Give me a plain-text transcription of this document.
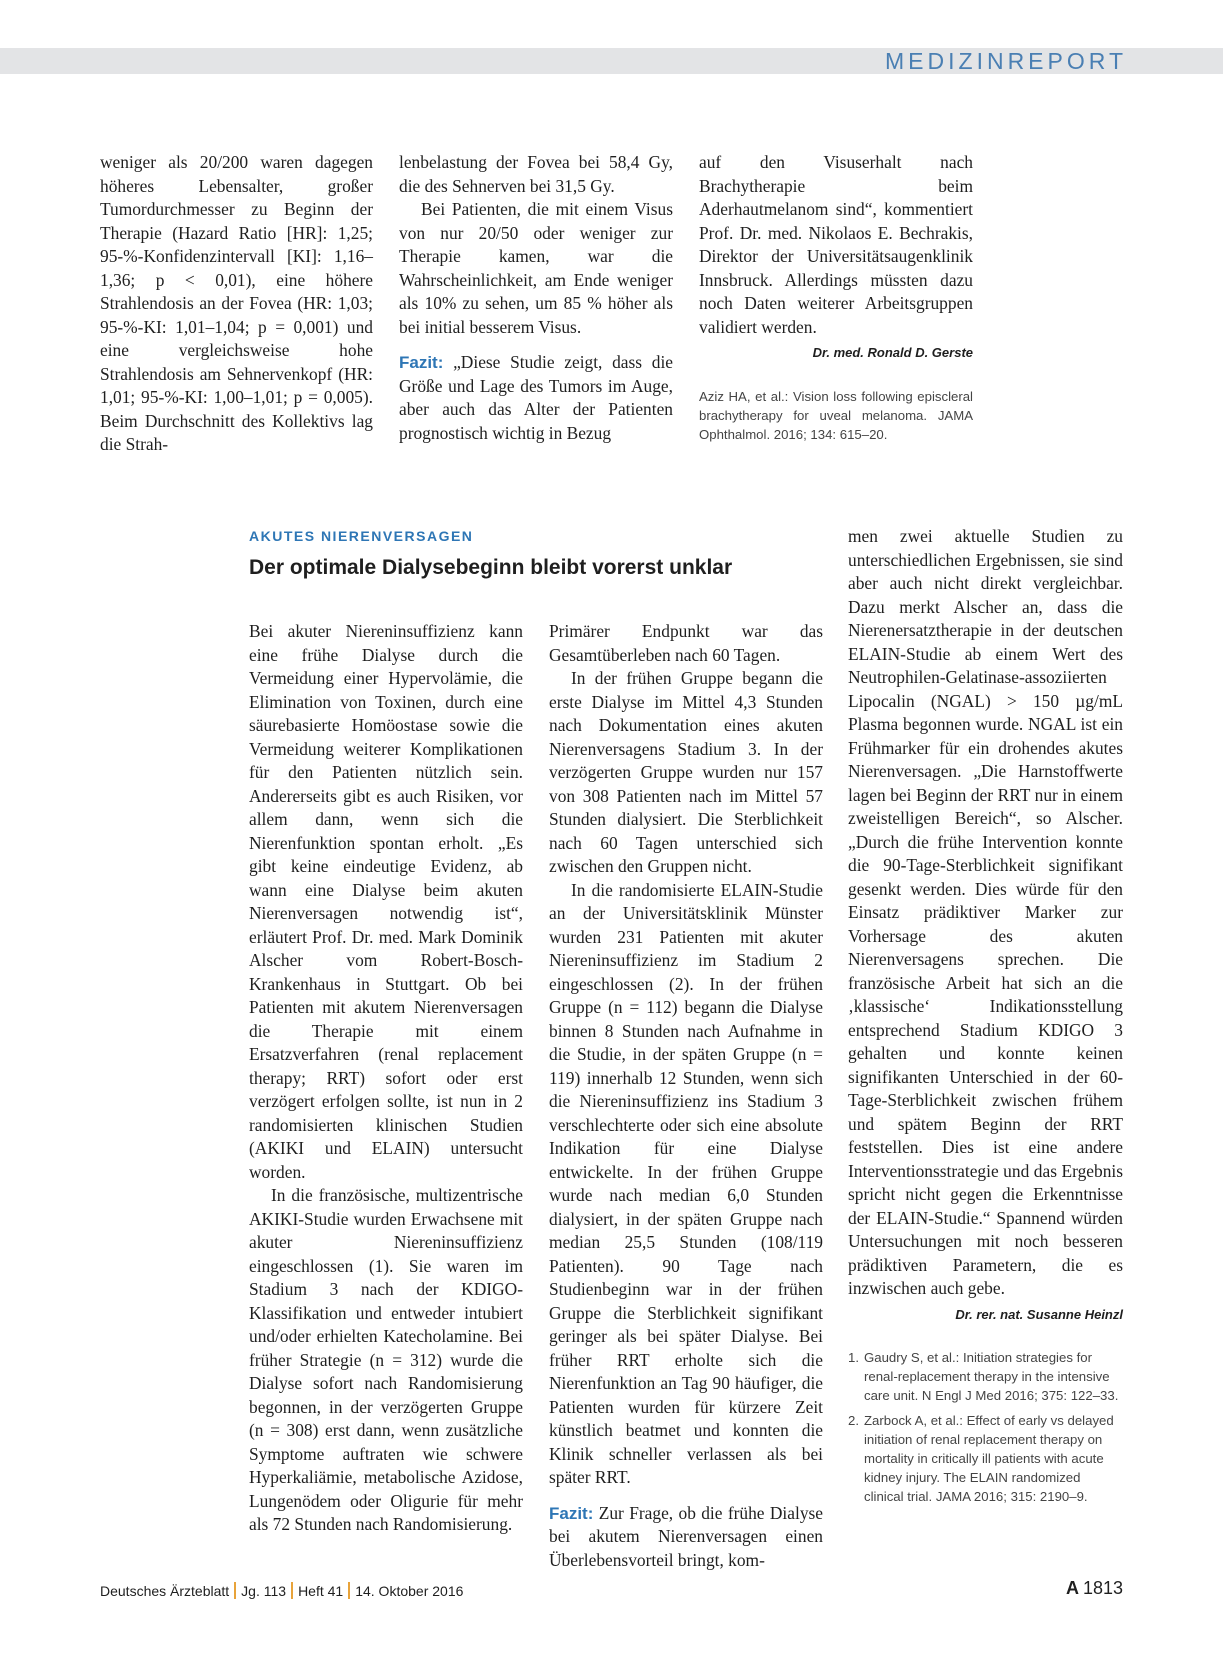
MEDIZINREPORT

weniger als 20/200 waren dagegen höheres Lebensalter, großer Tumordurchmesser zu Beginn der Therapie (Hazard Ratio [HR]: 1,25; 95-%-Konfidenzintervall [KI]: 1,16–1,36; p < 0,01), eine höhere Strahlendosis an der Fovea (HR: 1,03; 95-%-KI: 1,01–1,04; p = 0,001) und eine vergleichsweise hohe Strahlendosis am Sehnervenkopf (HR: 1,01; 95-%-KI: 1,00–1,01; p = 0,005). Beim Durchschnitt des Kollektivs lag die Strah-

lenbelastung der Fovea bei 58,4 Gy, die des Sehnerven bei 31,5 Gy.

Bei Patienten, die mit einem Visus von nur 20/50 oder weniger zur Therapie kamen, war die Wahrscheinlichkeit, am Ende weniger als 10% zu sehen, um 85 % höher als bei initial besserem Visus.

Fazit: „Diese Studie zeigt, dass die Größe und Lage des Tumors im Auge, aber auch das Alter der Patienten prognostisch wichtig in Bezug

auf den Visuserhalt nach Brachytherapie beim Aderhautmelanom sind“, kommentiert Prof. Dr. med. Nikolaos E. Bechrakis, Direktor der Universitätsaugenklinik Innsbruck. Allerdings müssten dazu noch Daten weiterer Arbeitsgruppen validiert werden.

Dr. med. Ronald D. Gerste

Aziz HA, et al.: Vision loss following episcleral brachytherapy for uveal melanoma. JAMA Ophthalmol. 2016; 134: 615–20.

AKUTES NIERENVERSAGEN
Der optimale Dialysebeginn bleibt vorerst unklar

Bei akuter Niereninsuffizienz kann eine frühe Dialyse durch die Vermeidung einer Hypervolämie, die Elimination von Toxinen, durch eine säurebasierte Homöostase sowie die Vermeidung weiterer Komplikationen für den Patienten nützlich sein. Andererseits gibt es auch Risiken, vor allem dann, wenn sich die Nierenfunktion spontan erholt. „Es gibt keine eindeutige Evidenz, ab wann eine Dialyse beim akuten Nierenversagen notwendig ist“, erläutert Prof. Dr. med. Mark Dominik Alscher vom Robert-Bosch-Krankenhaus in Stuttgart. Ob bei Patienten mit akutem Nierenversagen die Therapie mit einem Ersatzverfahren (renal replacement therapy; RRT) sofort oder erst verzögert erfolgen sollte, ist nun in 2 randomisierten klinischen Studien (AKIKI und ELAIN) untersucht worden.

In die französische, multizentrische AKIKI-Studie wurden Erwachsene mit akuter Niereninsuffizienz eingeschlossen (1). Sie waren im Stadium 3 nach der KDIGO-Klassifikation und entweder intubiert und/oder erhielten Katecholamine. Bei früher Strategie (n = 312) wurde die Dialyse sofort nach Randomisierung begonnen, in der verzögerten Gruppe (n = 308) erst dann, wenn zusätzliche Symptome auftraten wie schwere Hyperkaliämie, metabolische Azidose, Lungenödem oder Oligurie für mehr als 72 Stunden nach Randomisierung.

Primärer Endpunkt war das Gesamtüberleben nach 60 Tagen.

In der frühen Gruppe begann die erste Dialyse im Mittel 4,3 Stunden nach Dokumentation eines akuten Nierenversagens Stadium 3. In der verzögerten Gruppe wurden nur 157 von 308 Patienten nach im Mittel 57 Stunden dialysiert. Die Sterblichkeit nach 60 Tagen unterschied sich zwischen den Gruppen nicht.

In die randomisierte ELAIN-Studie an der Universitätsklinik Münster wurden 231 Patienten mit akuter Niereninsuffizienz im Stadium 2 eingeschlossen (2). In der frühen Gruppe (n = 112) begann die Dialyse binnen 8 Stunden nach Aufnahme in die Studie, in der späten Gruppe (n = 119) innerhalb 12 Stunden, wenn sich die Niereninsuffizienz ins Stadium 3 verschlechterte oder sich eine absolute Indikation für eine Dialyse entwickelte. In der frühen Gruppe wurde nach median 6,0 Stunden dialysiert, in der späten Gruppe nach median 25,5 Stunden (108/119 Patienten). 90 Tage nach Studienbeginn war in der frühen Gruppe die Sterblichkeit signifikant geringer als bei später Dialyse. Bei früher RRT erholte sich die Nierenfunktion an Tag 90 häufiger, die Patienten wurden für kürzere Zeit künstlich beatmet und konnten die Klinik schneller verlassen als bei später RRT.

Fazit: Zur Frage, ob die frühe Dialyse bei akutem Nierenversagen einen Überlebensvorteil bringt, kom-

men zwei aktuelle Studien zu unterschiedlichen Ergebnissen, sie sind aber auch nicht direkt vergleichbar. Dazu merkt Alscher an, dass die Nierenersatztherapie in der deutschen ELAIN-Studie ab einem Wert des Neutrophilen-Gelatinase-assoziierten Lipocalin (NGAL) > 150 µg/mL Plasma begonnen wurde. NGAL ist ein Frühmarker für ein drohendes akutes Nierenversagen. „Die Harnstoffwerte lagen bei Beginn der RRT nur in einem zweistelligen Bereich“, so Alscher. „Durch die frühe Intervention konnte die 90-Tage-Sterblichkeit signifikant gesenkt werden. Dies würde für den Einsatz prädiktiver Marker zur Vorhersage des akuten Nierenversagens sprechen. Die französische Arbeit hat sich an die ‚klassische‘ Indikationsstellung entsprechend Stadium KDIGO 3 gehalten und konnte keinen signifikanten Unterschied in der 60-Tage-Sterblichkeit zwischen frühem und spätem Beginn der RRT feststellen. Dies ist eine andere Interventionsstrategie und das Ergebnis spricht nicht gegen die Erkenntnisse der ELAIN-Studie.“ Spannend würden Untersuchungen mit noch besseren prädiktiven Parametern, die es inzwischen auch gebe.

Dr. rer. nat. Susanne Heinzl
1. Gaudry S, et al.: Initiation strategies for renal-replacement therapy in the intensive care unit. N Engl J Med 2016; 375: 122–33.
2. Zarbock A, et al.: Effect of early vs delayed initiation of renal replacement therapy on mortality in critically ill patients with acute kidney injury. The ELAIN randomized clinical trial. JAMA 2016; 315: 2190–9.
Deutsches Ärzteblatt Jg. 113 Heft 41 14. Oktober 2016	A 1813
